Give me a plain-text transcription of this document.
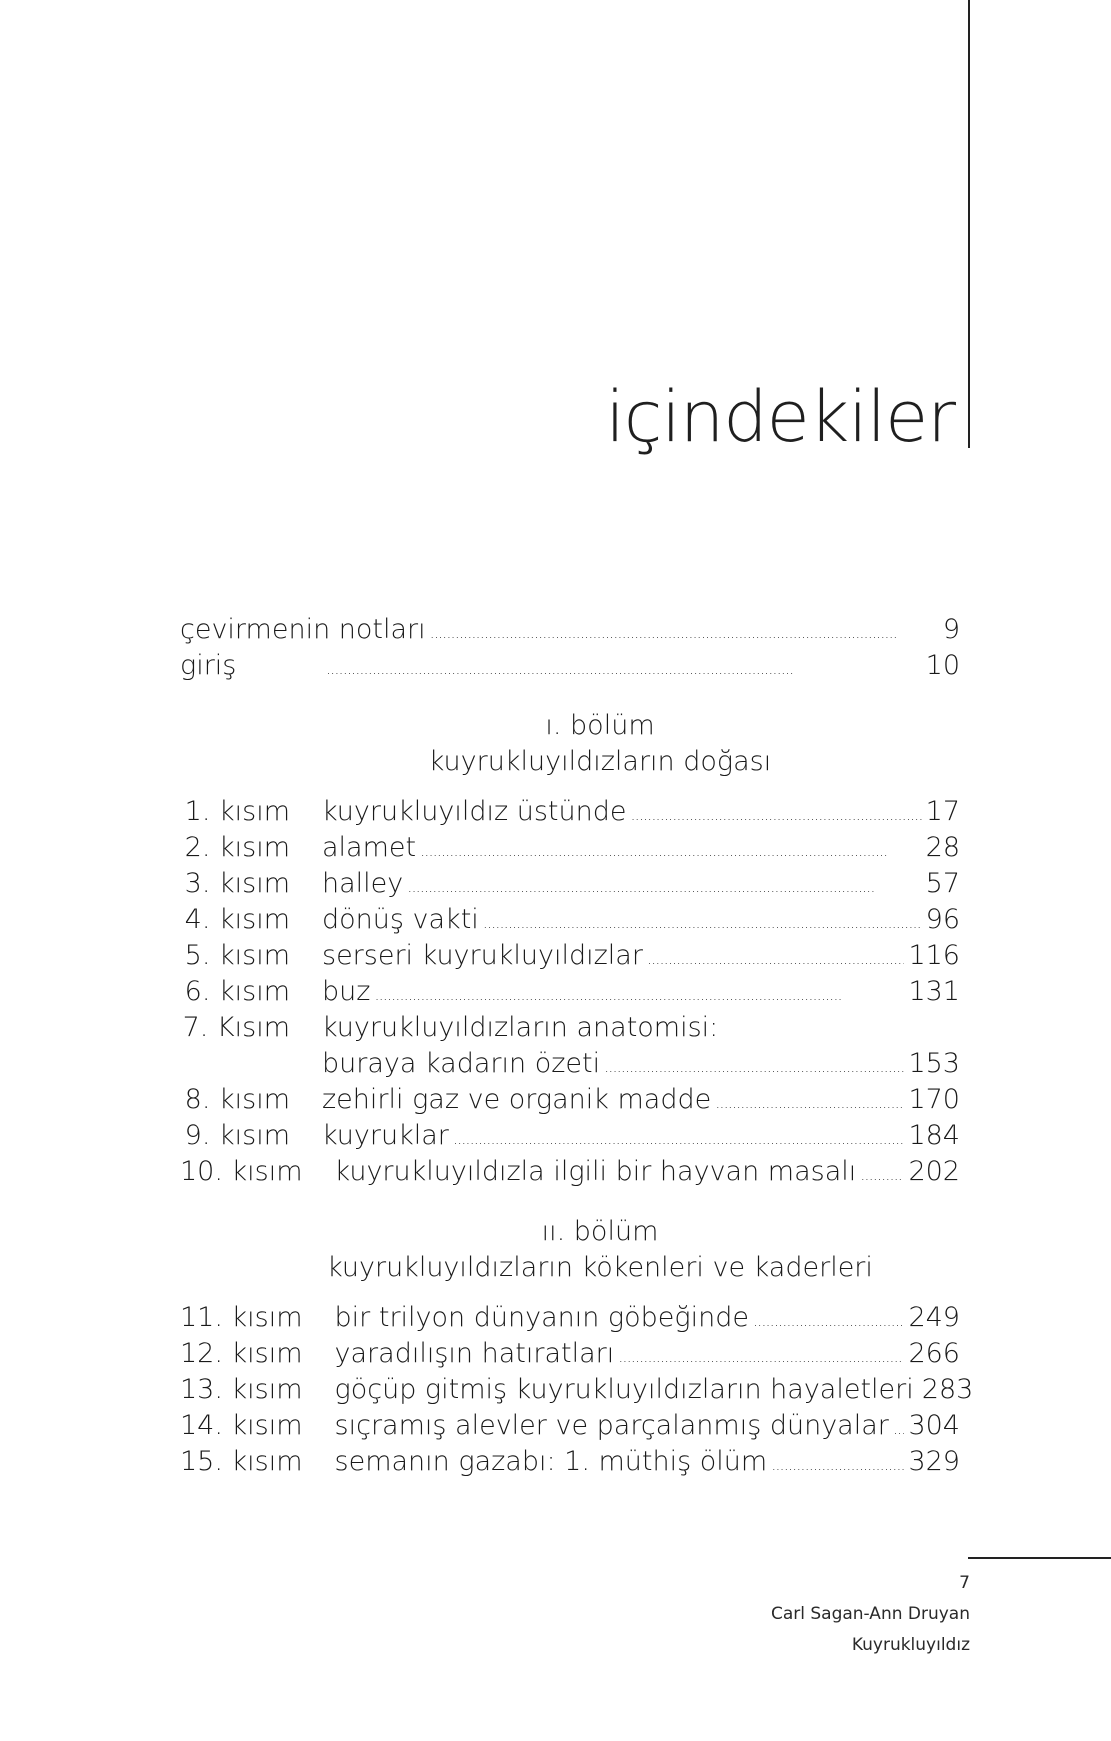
içindekiler
çevirmenin notları . . .	9
giriş . . .	10
ı. bölüm
kuyrukluyıldızların doğası
1. kısım	kuyrukluyıldız üstünde . . .	17
2. kısım	alamet . . .	28
3. kısım	halley . . .	57
4. kısım	dönüş vakti . . .	96
5. kısım	serseri kuyrukluyıldızlar . . .	116
6. kısım	buz . . .	131
7. Kısım	kuyrukluyıldızların anatomisi:
buraya kadarın özeti . . .	153
8. kısım	zehirli gaz ve organik madde . . .	170
9. kısım	kuyruklar . . .	184
10. kısım	kuyrukluyıldızla ilgili bir hayvan masalı . . . 202
ıı. bölüm
kuyrukluyıldızların kökenleri ve kaderleri
11. kısım	bir trilyon dünyanın göbeğinde . . .	249
12. kısım	yaradılışın hatıratları . . .	266
13. kısım	göçüp gitmiş kuyrukluyıldızların hayaletleri 283
14. kısım	sıçramış alevler ve parçalanmış dünyalar . . . 304
15. kısım	semanın gazabı: 1. müthiş ölüm . . .	329
7
Carl Sagan-Ann Druyan
Kuyrukluyıldız
